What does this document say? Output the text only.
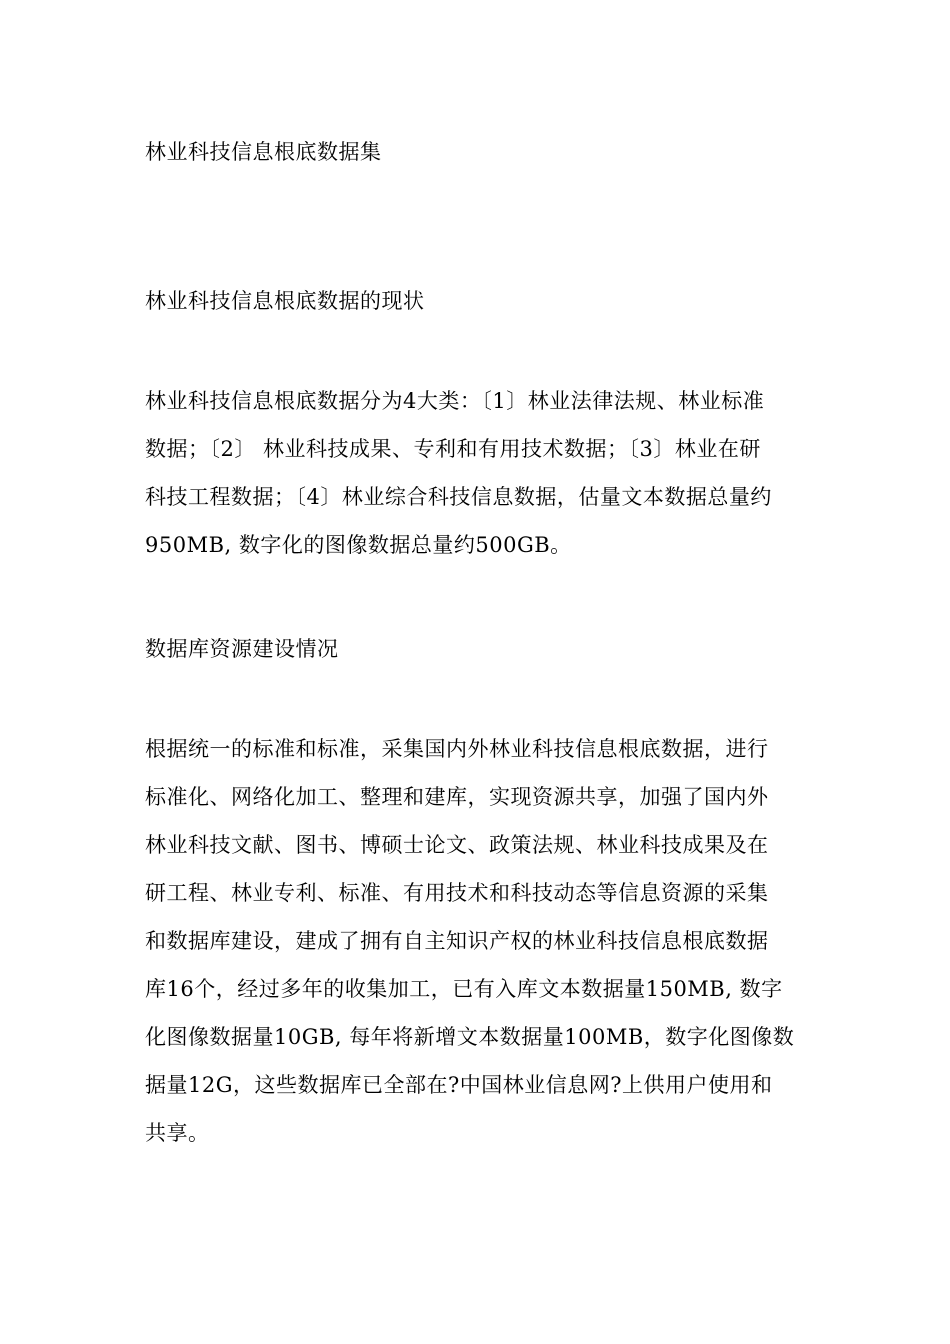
林业科技信息根底数据集
林业科技信息根底数据的现状
林业科技信息根底数据分为4大类：〔1〕林业法律法规、林业标准
数据；〔2〕 林业科技成果、专利和有用技术数据；〔3〕林业在研
科技工程数据；〔4〕林业综合科技信息数据，估量文本数据总量约
950MB, 数字化的图像数据总量约500GB。
数据库资源建设情况
根据统一的标准和标准，采集国内外林业科技信息根底数据，进行
标准化、网络化加工、整理和建库，实现资源共享，加强了国内外
林业科技文献、图书、博硕士论文、政策法规、林业科技成果及在
研工程、林业专利、标准、有用技术和科技动态等信息资源的采集
和数据库建设，建成了拥有自主知识产权的林业科技信息根底数据
库16个，经过多年的收集加工，已有入库文本数据量150MB, 数字
化图像数据量10GB, 每年将新增文本数据量100MB，数字化图像数
据量12G，这些数据库已全部在?中国林业信息网?上供用户使用和
共享。
